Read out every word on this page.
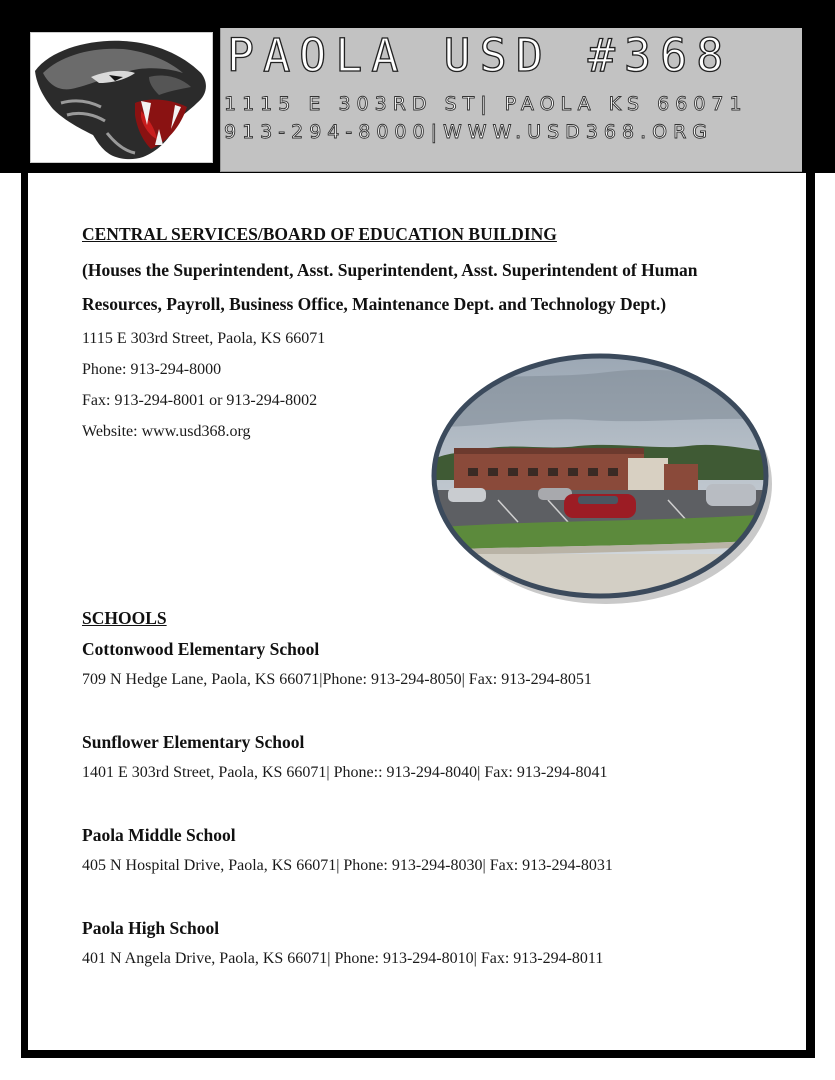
PAOLA USD #368
1115 E 303RD ST| PAOLA KS 66071
913-294-8000|WWW.USD368.ORG
CENTRAL SERVICES/BOARD OF EDUCATION BUILDING
(Houses the Superintendent, Asst. Superintendent, Asst. Superintendent of Human
Resources, Payroll, Business Office, Maintenance Dept. and Technology Dept.)
1115 E 303rd Street, Paola, KS 66071
Phone: 913-294-8000
Fax: 913-294-8001 or 913-294-8002
Website: www.usd368.org
SCHOOLS
Cottonwood Elementary School
709 N Hedge Lane, Paola, KS 66071|Phone: 913-294-8050| Fax: 913-294-8051
Sunflower Elementary School
1401 E 303rd Street, Paola, KS 66071| Phone:: 913-294-8040| Fax: 913-294-8041
Paola Middle School
405 N Hospital Drive, Paola, KS 66071| Phone: 913-294-8030| Fax: 913-294-8031
Paola High School
401 N Angela Drive, Paola, KS 66071| Phone: 913-294-8010| Fax: 913-294-8011
